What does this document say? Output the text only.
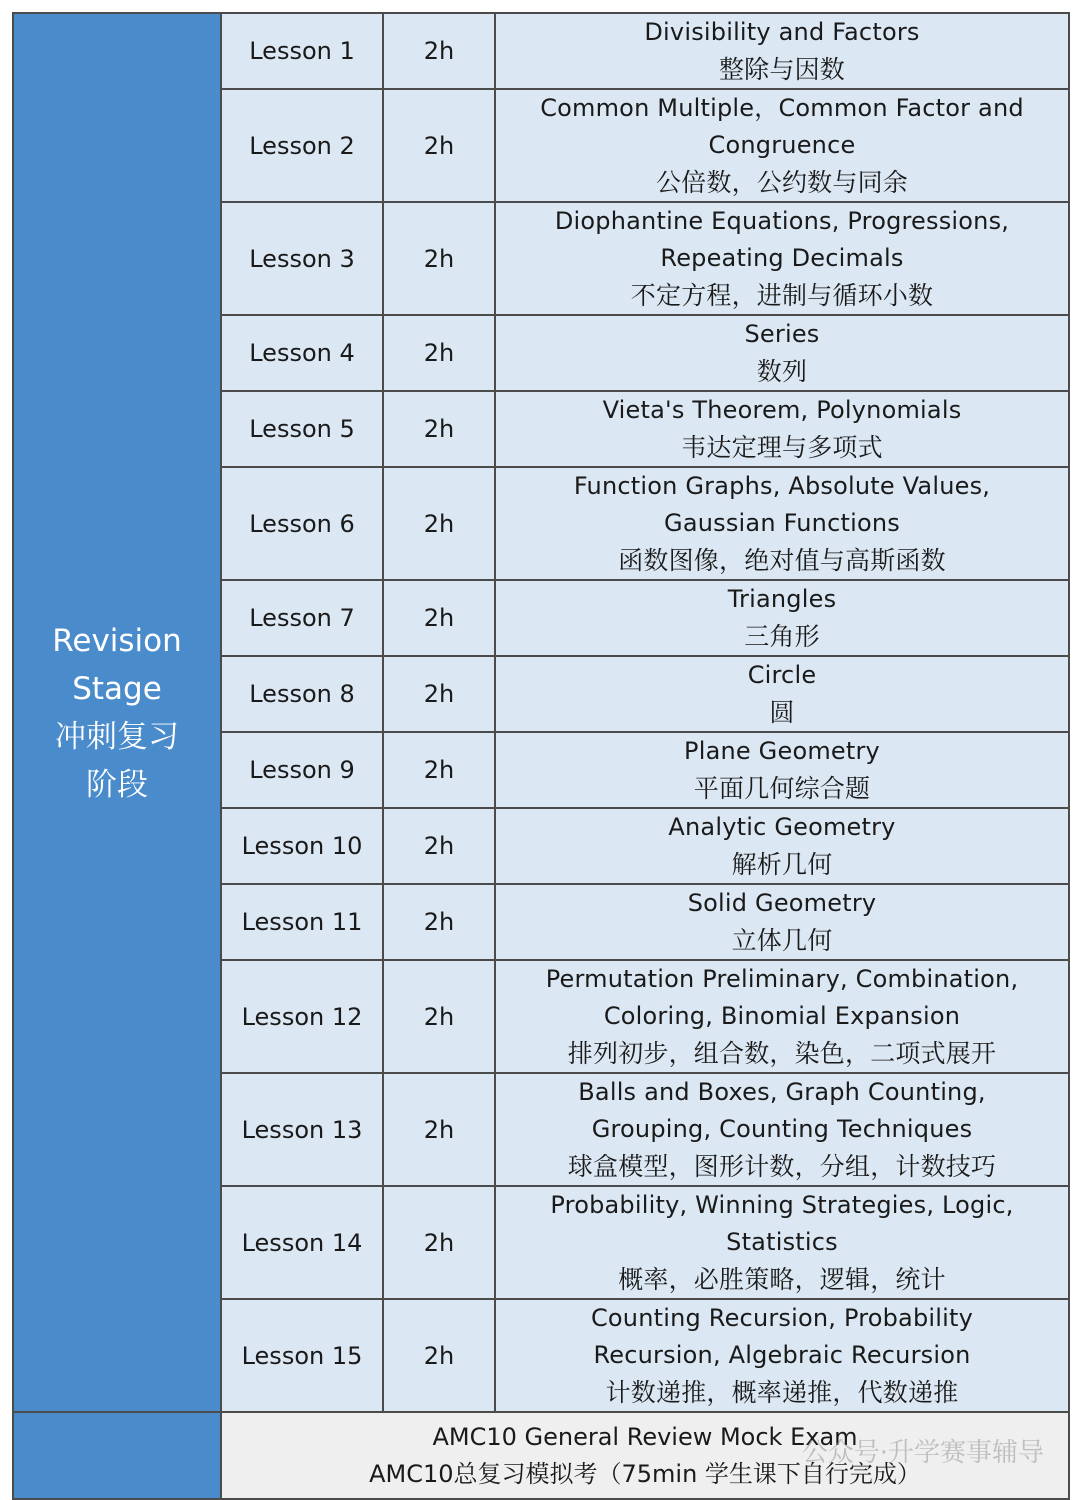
Revision
Stage
冲刺复习
阶段	Lesson 1	2h	Divisibility and Factors
整除与因数

	Lesson 2	2h	Common Multiple，Common Factor and
Congruence
公倍数，公约数与同余

	Lesson 3	2h	Diophantine Equations, Progressions,
Repeating Decimals
不定方程，进制与循环小数

	Lesson 4	2h	Series
数列

	Lesson 5	2h	Vieta's Theorem, Polynomials
韦达定理与多项式

	Lesson 6	2h	Function Graphs, Absolute Values,
Gaussian Functions
函数图像，绝对值与高斯函数

	Lesson 7	2h	Triangles
三角形

	Lesson 8	2h	Circle
圆

	Lesson 9	2h	Plane Geometry
平面几何综合题

	Lesson 10	2h	Analytic Geometry
解析几何

	Lesson 11	2h	Solid Geometry
立体几何

	Lesson 12	2h	Permutation Preliminary, Combination,
Coloring, Binomial Expansion
排列初步，组合数，染色，二项式展开

	Lesson 13	2h	Balls and Boxes, Graph Counting,
Grouping, Counting Techniques
球盒模型，图形计数，分组，计数技巧

	Lesson 14	2h	Probability, Winning Strategies, Logic,
Statistics
概率，必胜策略，逻辑，统计

	Lesson 15	2h	Counting Recursion, Probability
Recursion, Algebraic Recursion
计数递推，概率递推，代数递推

	AMC10 General Review Mock Exam
AMC10总复习模拟考（75min 学生课下自行完成）		
公众号·升学赛事辅导
